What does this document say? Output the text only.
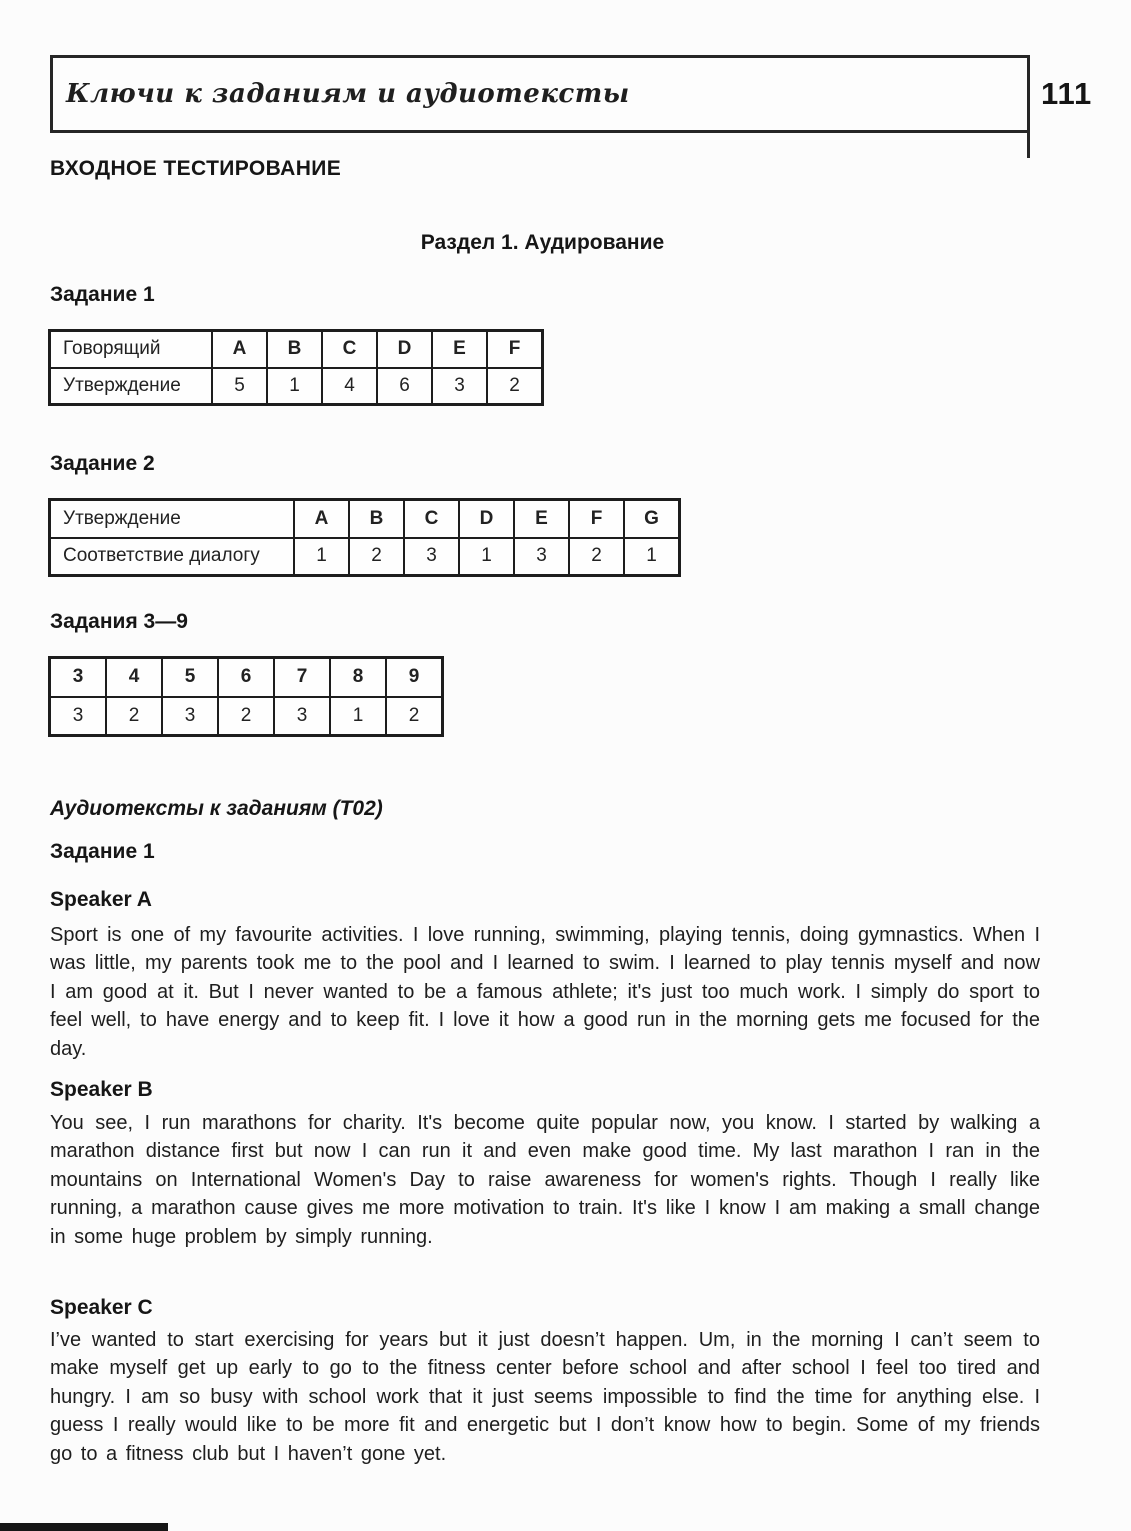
Ключи к заданиям и аудиотексты	111
ВХОДНОЕ ТЕСТИРОВАНИЕ
Раздел 1. Аудирование
Задание 1
Говорящий	A	B	C	D	E	F
Утверждение	5	1	4	6	3	2
Задание 2
Утверждение	A	B	C	D	E	F	G
Соответствие диалогу	1	2	3	1	3	2	1
Задания 3—9
3	4	5	6	7	8	9
3	2	3	2	3	1	2
Аудиотексты к заданиям (Т02)
Задание 1
Speaker A
Sport is one of my favourite activities. I love running, swimming, playing tennis, doing gymnastics. When I was little, my parents took me to the pool and I learned to swim. I learned to play tennis myself and now I am good at it. But I never wanted to be a famous athlete; it's just too much work. I simply do sport to feel well, to have energy and to keep fit. I love it how a good run in the morning gets me focused for the day.
Speaker B
You see, I run marathons for charity. It's become quite popular now, you know. I started by walking a marathon distance first but now I can run it and even make good time. My last marathon I ran in the mountains on International Women's Day to raise awareness for women's rights. Though I really like running, a marathon cause gives me more motivation to train. It's like I know I am making a small change in some huge problem by simply running.
Speaker C
I’ve wanted to start exercising for years but it just doesn’t happen. Um, in the morning I can’t seem to make myself get up early to go to the fitness center before school and after school I feel too tired and hungry. I am so busy with school work that it just seems impossible to find the time for anything else. I guess I really would like to be more fit and energetic but I don’t know how to begin. Some of my friends go to a fitness club but I haven’t gone yet.
